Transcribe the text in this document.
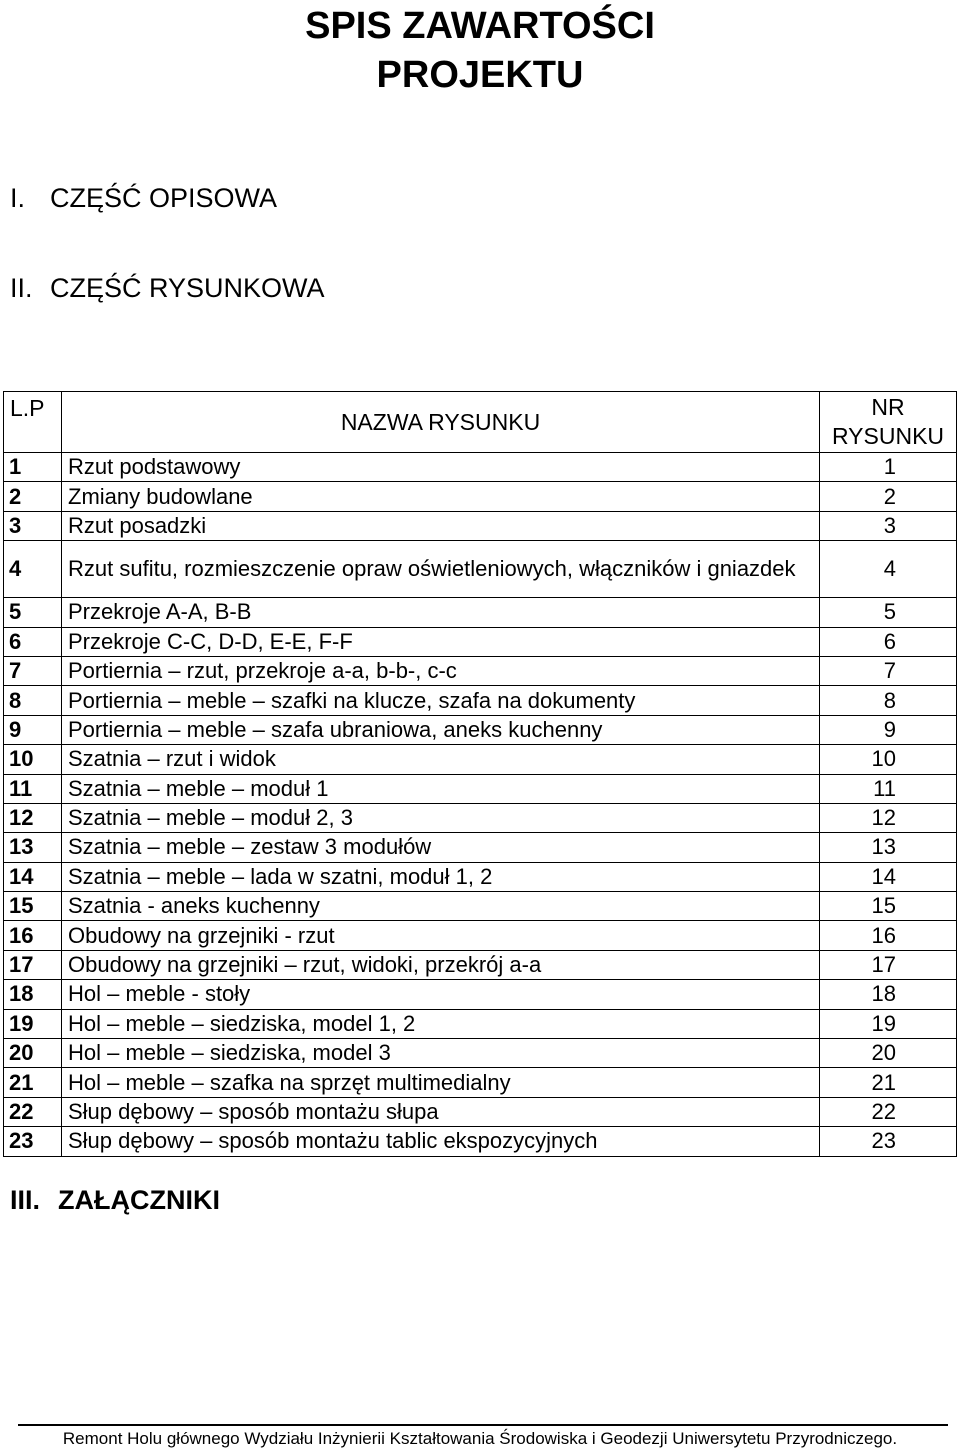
SPIS ZAWARTOŚCI
PROJEKTU
I. CZĘŚĆ OPISOWA
II. CZĘŚĆ RYSUNKOWA
L.P	NAZWA RYSUNKU	NR RYSUNKU
1	Rzut podstawowy	1
2	Zmiany budowlane	2
3	Rzut posadzki	3
4	Rzut sufitu, rozmieszczenie opraw oświetleniowych, włączników i gniazdek	4
5	Przekroje A-A, B-B	5
6	Przekroje C-C, D-D, E-E, F-F	6
7	Portiernia – rzut, przekroje a-a, b-b-, c-c	7
8	Portiernia – meble – szafki na klucze, szafa na dokumenty	8
9	Portiernia – meble – szafa ubraniowa, aneks kuchenny	9
10	Szatnia – rzut i widok	10
11	Szatnia – meble – moduł 1	11
12	Szatnia – meble – moduł 2, 3	12
13	Szatnia – meble – zestaw 3 modułów	13
14	Szatnia – meble – lada w szatni, moduł 1, 2	14
15	Szatnia - aneks kuchenny	15
16	Obudowy na grzejniki - rzut	16
17	Obudowy na grzejniki – rzut, widoki, przekrój a-a	17
18	Hol – meble - stoły	18
19	Hol – meble – siedziska, model 1, 2	19
20	Hol – meble – siedziska, model 3	20
21	Hol – meble – szafka na sprzęt multimedialny	21
22	Słup dębowy – sposób montażu słupa	22
23	Słup dębowy – sposób montażu tablic ekspozycyjnych	23
III. ZAŁĄCZNIKI
Remont Holu głównego Wydziału Inżynierii Kształtowania Środowiska i Geodezji Uniwersytetu Przyrodniczego.
